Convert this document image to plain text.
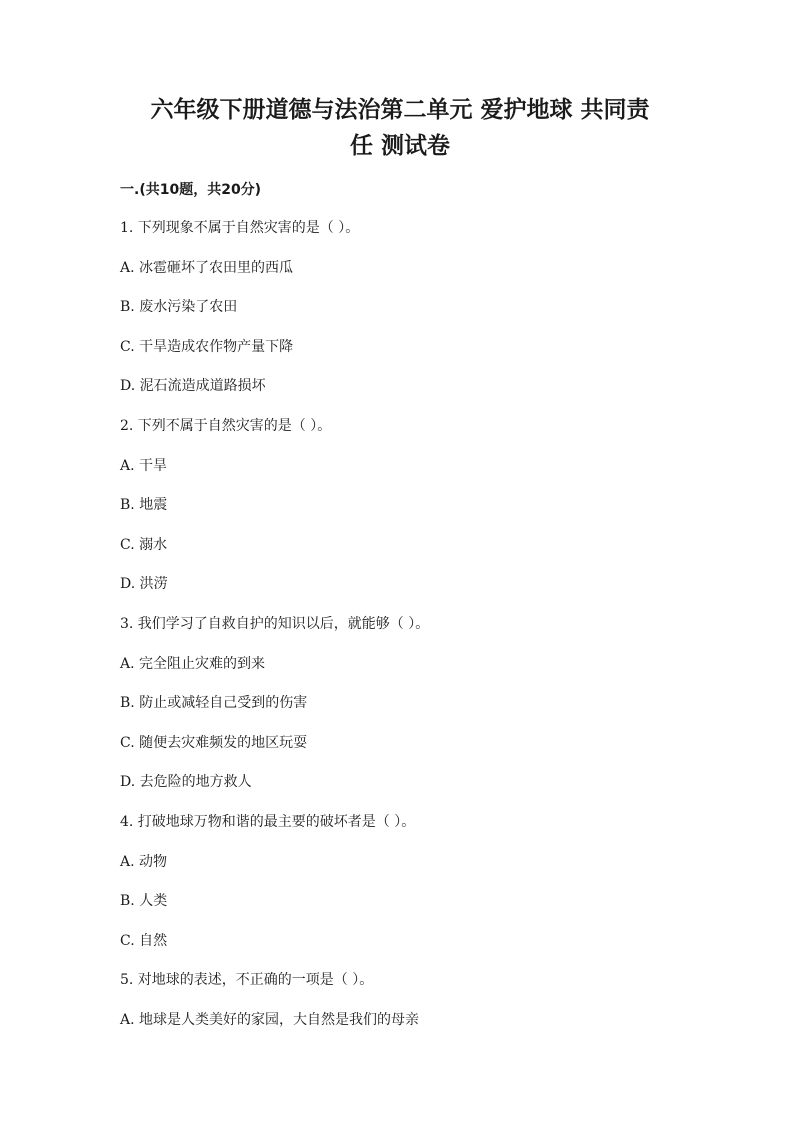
六年级下册道德与法治第二单元 爱护地球 共同责
任 测试卷
一.(共10题，共20分)
1. 下列现象不属于自然灾害的是（ ）。
A. 冰雹砸坏了农田里的西瓜
B. 废水污染了农田
C. 干旱造成农作物产量下降
D. 泥石流造成道路损坏
2. 下列不属于自然灾害的是（ ）。
A. 干旱
B. 地震
C. 溺水
D. 洪涝
3. 我们学习了自救自护的知识以后，就能够（ ）。
A. 完全阻止灾难的到来
B. 防止或减轻自己受到的伤害
C. 随便去灾难频发的地区玩耍
D. 去危险的地方救人
4. 打破地球万物和谐的最主要的破坏者是（ ）。
A. 动物
B. 人类
C. 自然
5. 对地球的表述，不正确的一项是（ ）。
A. 地球是人类美好的家园，大自然是我们的母亲
